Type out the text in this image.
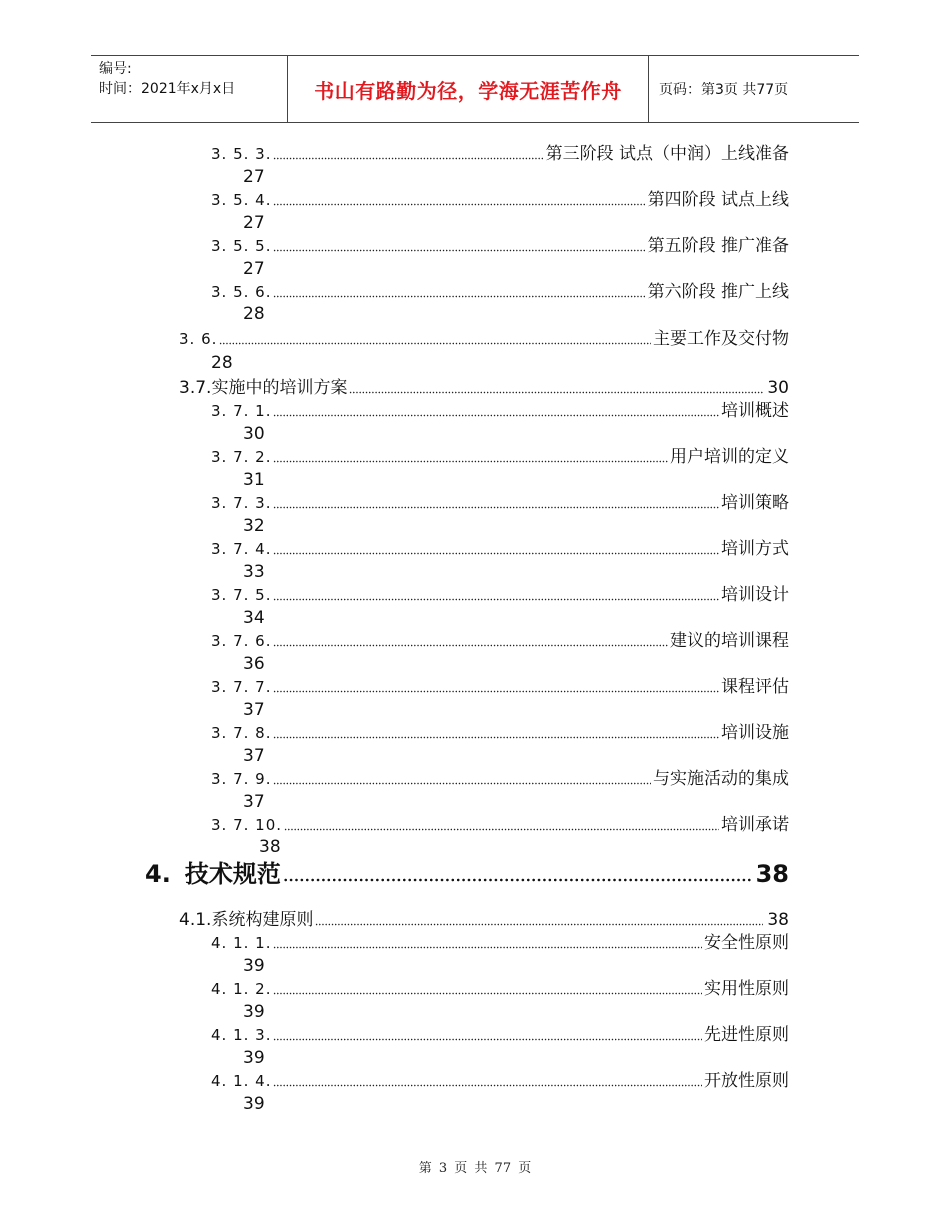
编号:
时间：2021年x月x日	书山有路勤为径，学海无涯苦作舟	页码：第3页 共77页
3. 5. 3.	第三阶段 试点（中润）上线准备
27
3. 5. 4.	第四阶段 试点上线
27
3. 5. 5.	第五阶段 推广准备
27
3. 5. 6.	第六阶段 推广上线
28
3. 6.	主要工作及交付物
28
3.7. 实施中的培训方案	30
3. 7. 1.	培训概述
30
3. 7. 2.	用户培训的定义
31
3. 7. 3.	培训策略
32
3. 7. 4.	培训方式
33
3. 7. 5.	培训设计
34
3. 7. 6.	建议的培训课程
36
3. 7. 7.	课程评估
37
3. 7. 8.	培训设施
37
3. 7. 9.	与实施活动的集成
37
3. 7. 10.	培训承诺
38
4. 技术规范	38
4.1. 系统构建原则	38
4. 1. 1.	安全性原则
39
4. 1. 2.	实用性原则
39
4. 1. 3.	先进性原则
39
4. 1. 4.	开放性原则
39
第 3 页 共 77 页
